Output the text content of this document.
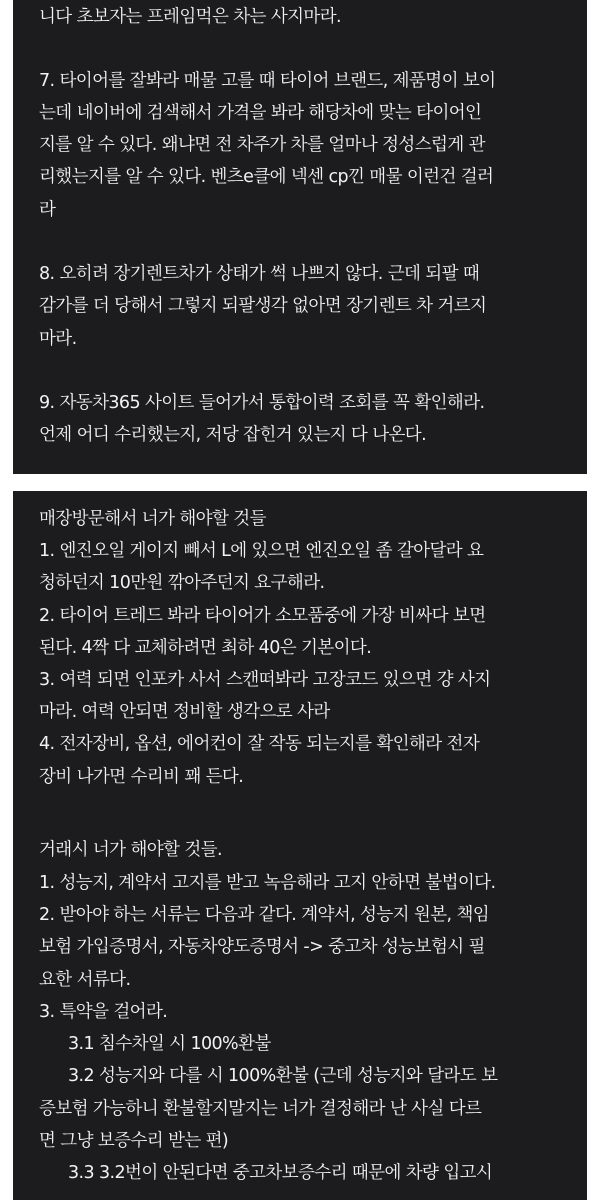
니다 초보자는 프레임먹은 차는 사지마라.
7. 타이어를 잘봐라 매물 고를 때 타이어 브랜드, 제품명이 보이
는데 네이버에 검색해서 가격을 봐라 해당차에 맞는 타이어인
지를 알 수 있다. 왜냐면 전 차주가 차를 얼마나 정성스럽게 관
리했는지를 알 수 있다. 벤츠e클에 넥센 cp낀 매물 이런건 걸러
라
8. 오히려 장기렌트차가 상태가 썩 나쁘지 않다. 근데 되팔 때
감가를 더 당해서 그렇지 되팔생각 없아면 장기렌트 차 거르지
마라.
9. 자동차365 사이트 들어가서 통합이력 조회를 꼭 확인해라.
언제 어디 수리했는지, 저당 잡힌거 있는지 다 나온다.
매장방문해서 너가 해야할 것들
1. 엔진오일 게이지 빼서 L에 있으면 엔진오일 좀 갈아달라 요
청하던지 10만원 깎아주던지 요구해라.
2. 타이어 트레드 봐라 타이어가 소모품중에 가장 비싸다 보면
된다. 4짝 다 교체하려면 최하 40은 기본이다.
3. 여력 되면 인포카 사서 스캔떠봐라 고장코드 있으면 걍 사지
마라. 여력 안되면 정비할 생각으로 사라
4. 전자장비, 옵션, 에어컨이 잘 작동 되는지를 확인해라 전자
장비 나가면 수리비 꽤 든다.
거래시 너가 해야할 것들.
1. 성능지, 계약서 고지를 받고 녹음해라 고지 안하면 불법이다.
2. 받아야 하는 서류는 다음과 같다. 계약서, 성능지 원본, 책임
보험 가입증명서, 자동차양도증명서 -> 중고차 성능보험시 필
요한 서류다.
3. 특약을 걸어라.
3.1 침수차일 시 100%환불
3.2 성능지와 다를 시 100%환불 (근데 성능지와 달라도 보
증보험 가능하니 환불할지말지는 너가 결정해라 난 사실 다르
면 그냥 보증수리 받는 편)
3.3 3.2번이 안된다면 중고차보증수리 때문에 차량 입고시
